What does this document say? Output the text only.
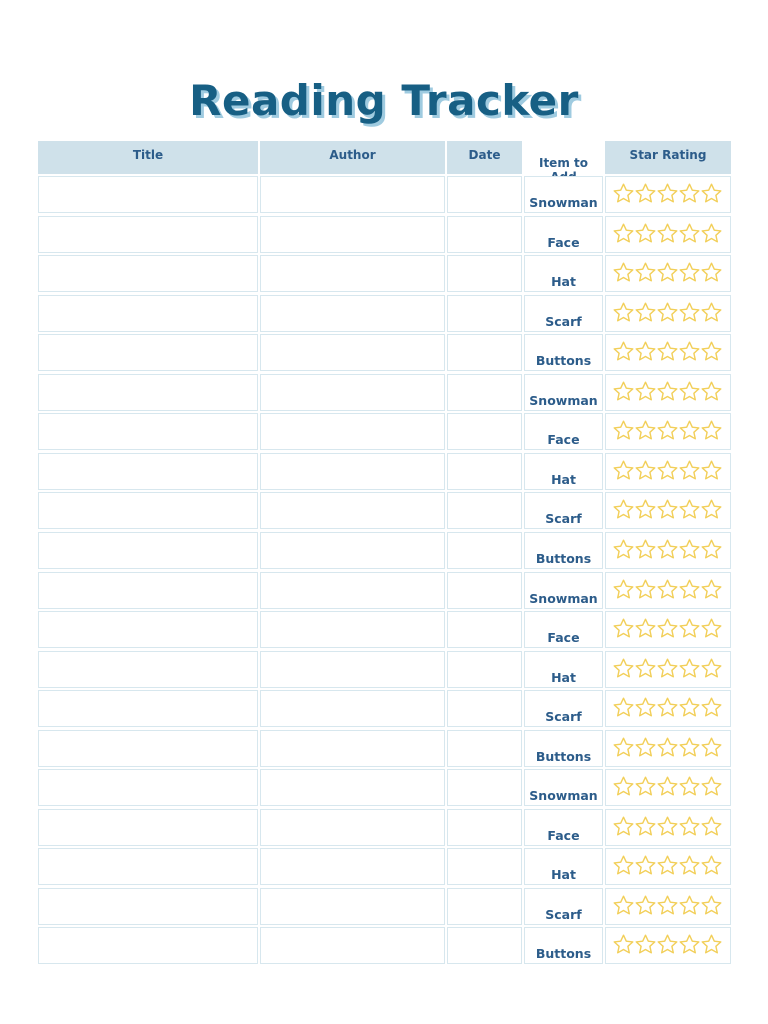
Reading Tracker
Title	Author	Date
Item to
Star Rating
Snowman
Face
Hat
Scarf
Buttons
Snowman
Face
Hat
Scarf
Buttons
Snowman
Face
Hat
Scarf
Buttons
Snowman
Face
Hat
Scarf
Buttons
